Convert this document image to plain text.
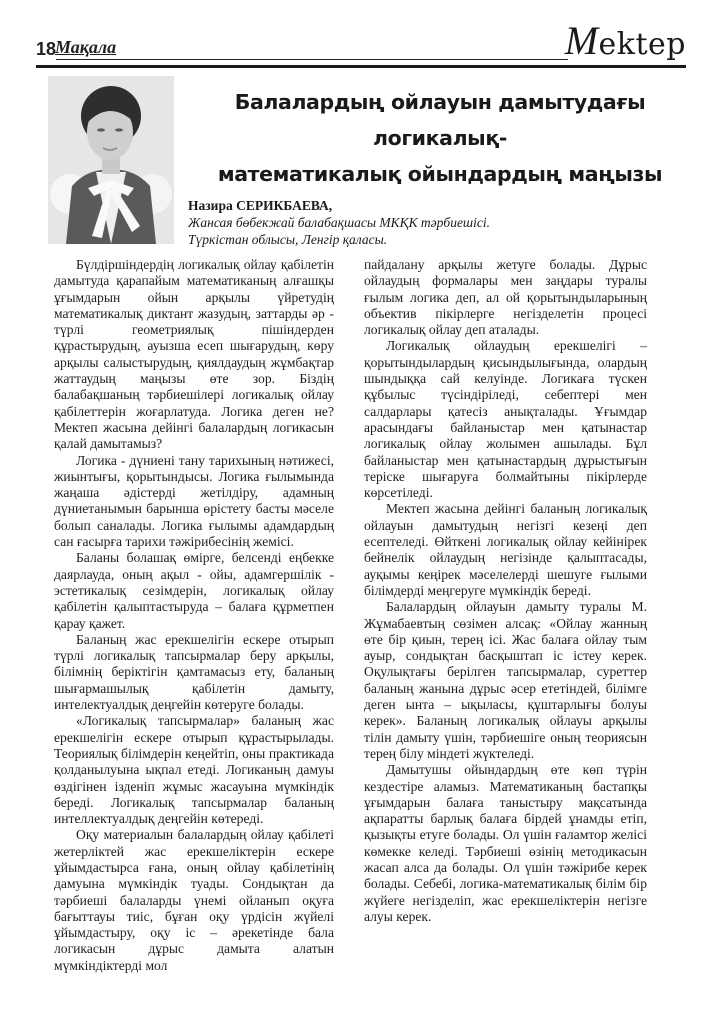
18
Мақала	Mektep
Балалардың ойлауын дамытудағы логикалық-
математикалық ойындардың маңызы
Назира СЕРИКБАЕВА,
Жансая бөбекжай балабақшасы МКҚК тәрбиешісі.
Түркістан облысы, Ленгір қаласы.

Бүлдіршіндердің логикалық ойлау қабілетін дамытуда қарапайым математиканың алғашқы ұғымдарын ойын арқылы үйретудің математикалық диктант жазудың, заттарды әр - түрлі геометриялық пішіндерден құрастырудың, ауызша есеп шығарудың, көру арқылы салыстырудың, қиялдаудың жұмбақтар жаттаудың маңызы өте зор. Біздің балабақшаның тәрбиешілері логикалық ойлау қабілеттерін жоғарлатуда. Логика деген не? Мектеп жасына дейінгі балалардың логикасын қалай дамытамыз?

Логика - дүниені тану тарихының нәтижесі, жиынтығы, қорытындысы. Логика ғылымында жаңаша әдістерді жетілдіру, адамның дүниетанымын барынша өрістету басты мәселе болып саналады. Логика ғылымы адамдардың сан ғасырға тарихи тәжірибесінің жемісі.

Баланы болашақ өмірге, белсенді еңбекке даярлауда, оның ақыл - ойы, адамгершілік - эстетикалық сезімдерін, логикалық ойлау қабілетін қалыптастыруда – балаға құрметпен қарау қажет.

Баланың жас ерекшелігін ескере отырып түрлі логикалық тапсырмалар беру арқылы, білімнің беріктігін қамтамасыз ету, баланың шығармашылық қабілетін дамыту, интелектуалдық деңгейін көтеруге болады.

«Логикалық тапсырмалар» баланың жас ерекшелігін ескере отырып құрастырылады. Теориялық білімдерін кеңейтіп, оны практикада қолданылуына ықпал етеді. Логиканың дамуы өздігінен ізденіп жұмыс жасауына мүмкіндік береді. Логикалық тапсырмалар баланың интеллектуалдық деңгейін көтереді.

Оқу материалын балалардың ойлау қабілеті жетерліктей жас ерекшеліктерін ескере ұйымдастырса ғана, оның ойлау қабілетінің дамуына мүмкіндік туады. Сондықтан да тәрбиеші балаларды үнемі ойланып оқуға бағыттауы тиіс, бұған оқу үрдісін жүйелі ұйымдастыру, оқу іс – әрекетінде бала логикасын дұрыс дамыта алатын мүмкіндіктерді мол

пайдалану арқылы жетуге болады. Дұрыс ойлаудың формалары мен заңдары туралы ғылым логика деп, ал ой қорытындыларының объектив пікірлерге негізделетін процесі логикалық ойлау деп аталады.

Логикалық ойлаудың ерекшелігі – қорытындылардың қисындылығында, олардың шындыққа сай келуінде. Логикаға түскен құбылыс түсіндіріледі, себептері мен салдарлары қатесіз анықталады. Ұғымдар арасындағы байланыстар мен қатынастар логикалық ойлау жолымен ашылады. Бұл байланыстар мен қатынастардың дұрыстығын теріске шығаруға болмайтыны пікірлерде көрсетіледі.

Мектеп жасына дейінгі баланың логикалық ойлауын дамытудың негізгі кезеңі деп есептеледі. Өйткені логикалық ойлау кейінірек бейнелік ойлаудың негізінде қалыптасады, ауқымы кеңірек мәселелерді шешуге ғылыми білімдерді меңгеруге мүмкіндік береді.

Балалардың ойлауын дамыту туралы М. Жұмабаевтың сөзімен алсақ: «Ойлау жанның өте бір қиын, терең ісі. Жас балаға ойлау тым ауыр, сондықтан басқыштап іс істеу керек. Оқулықтағы берілген тапсырмалар, суреттер баланың жанына дұрыс әсер ететіндей, білімге деген ынта – ықыласы, құштарлығы болуы керек». Баланың логикалық ойлауы арқылы тілін дамыту үшін, тәрбиешіге оның теориясын терең білу міндеті жүктеледі.

Дамытушы ойындардың өте көп түрін кездестіре аламыз. Математиканың бастапқы ұғымдарын балаға таныстыру мақсатында ақпаратты барлық балаға бірдей ұнамды етіп, қызықты етуге болады. Ол үшін ғаламтор желісі көмекке келеді. Тәрбиеші өзінің методикасын жасап алса да болады. Ол үшін тәжірибе керек болады. Себебі, логика-математикалық білім бір жүйеге негізделіп, жас ерекшеліктерін негізге алуы керек.
